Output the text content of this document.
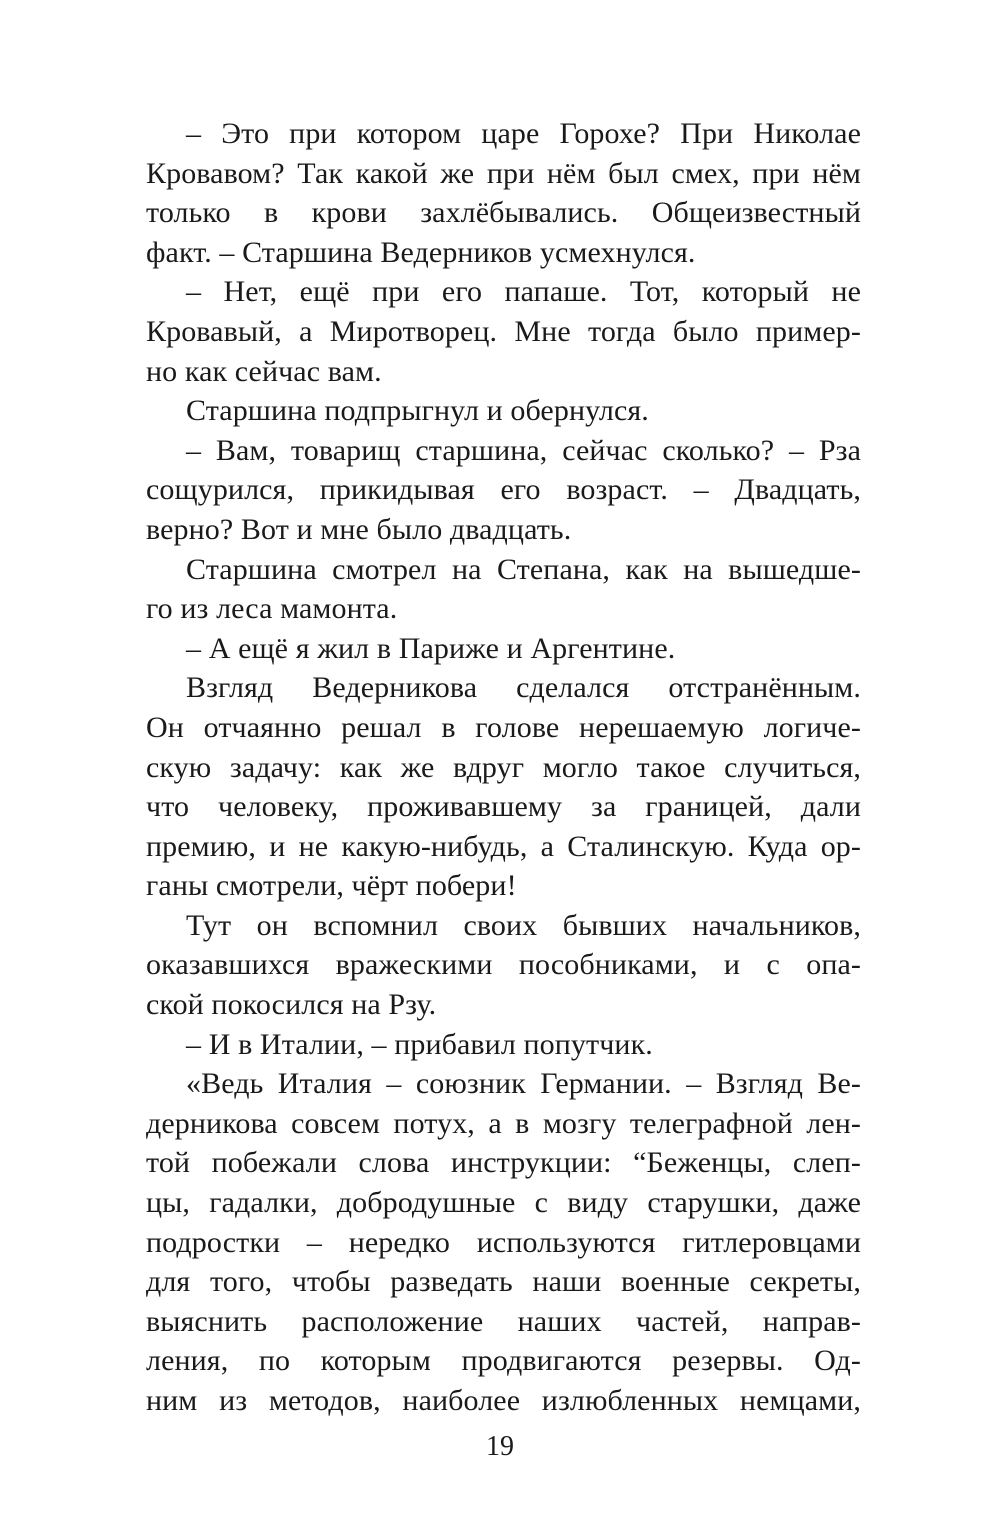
– Это при котором царе Горохе? При Николае
Кровавом? Так какой же при нём был смех, при нём
только в крови захлёбывались. Общеизвестный
факт. – Старшина Ведерников усмехнулся.
– Нет, ещё при его папаше. Тот, который не
Кровавый, а Миротворец. Мне тогда было пример-
но как сейчас вам.
Старшина подпрыгнул и обернулся.
– Вам, товарищ старшина, сейчас сколько? – Рза
сощурился, прикидывая его возраст. – Двадцать,
верно? Вот и мне было двадцать.
Старшина смотрел на Степана, как на вышедше-
го из леса мамонта.
– А ещё я жил в Париже и Аргентине.
Взгляд Ведерникова сделался отстранённым.
Он отчаянно решал в голове нерешаемую логиче-
скую задачу: как же вдруг могло такое случиться,
что человеку, проживавшему за границей, дали
премию, и не какую-нибудь, а Сталинскую. Куда ор-
ганы смотрели, чёрт побери!
Тут он вспомнил своих бывших начальников,
оказавшихся вражескими пособниками, и с опа-
ской покосился на Рзу.
– И в Италии, – прибавил попутчик.
«Ведь Италия – союзник Германии. – Взгляд Ве-
дерникова совсем потух, а в мозгу телеграфной лен-
той побежали слова инструкции: “Беженцы, слеп-
цы, гадалки, добродушные с виду старушки, даже
подростки – нередко используются гитлеровцами
для того, чтобы разведать наши военные секреты,
выяснить расположение наших частей, направ-
ления, по которым продвигаются резервы. Од-
ним из методов, наиболее излюбленных немцами,
19
